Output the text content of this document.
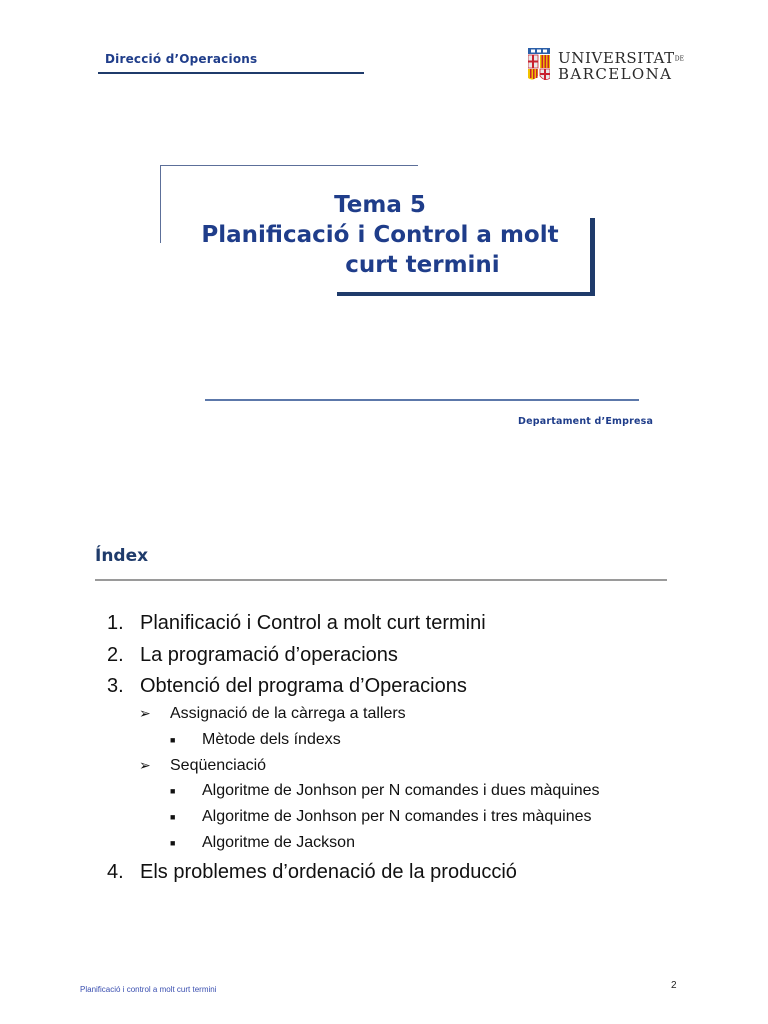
Direcció d’Operacions	UNIVERSITATDE
BARCELONA
Tema 5
Planificació i Control a molt
curt termini
Departament d’Empresa
Índex
1. Planificació i Control a molt curt termini
2. La programació d’operacions
3. Obtenció del programa d’Operacions
➢ Assignació de la càrrega a tallers
■ Mètode dels índexs
➢ Seqüenciació
■ Algoritme de Jonhson per N comandes i dues màquines
■ Algoritme de Jonhson per N comandes i tres màquines
■ Algoritme de Jackson
4. Els problemes d’ordenació de la producció
Planificació i control a molt curt termini	2
